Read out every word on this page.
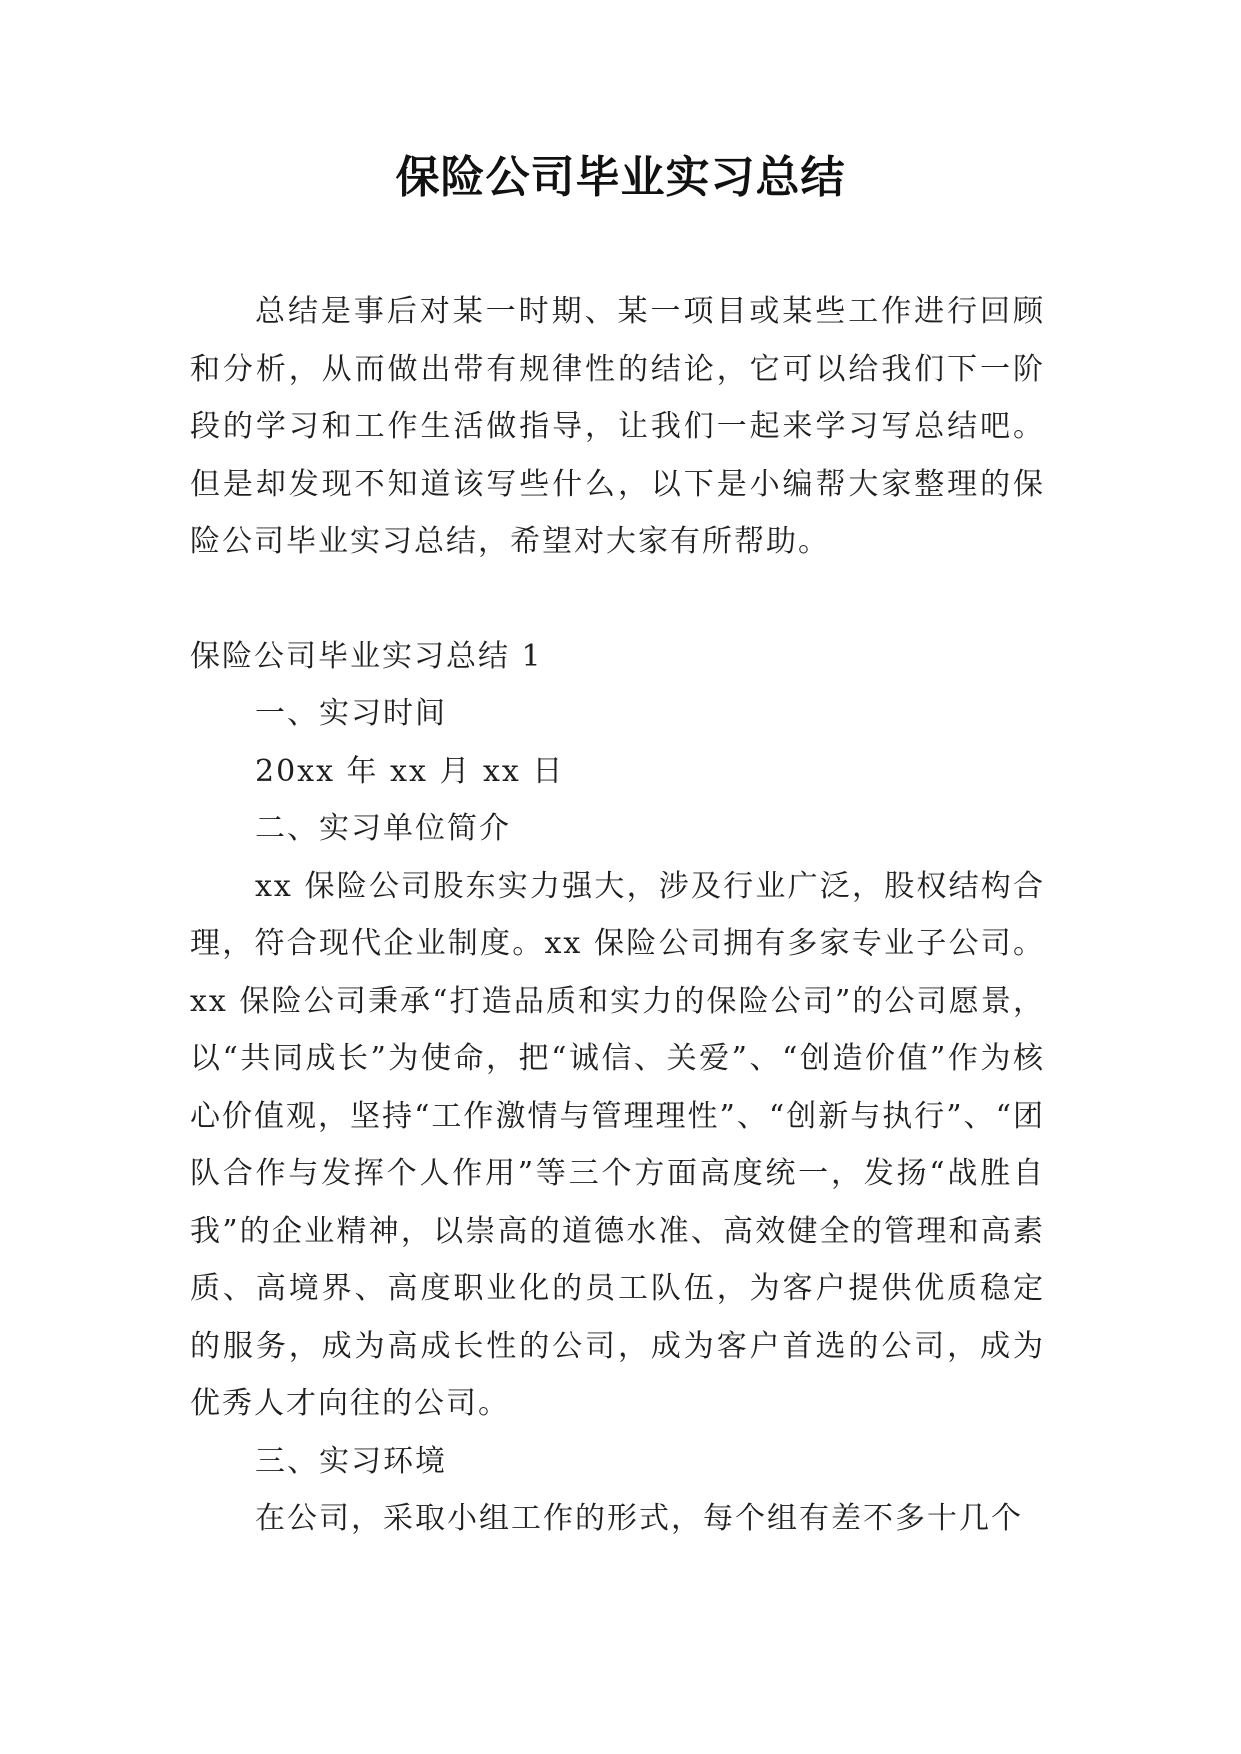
保险公司毕业实习总结

总结是事后对某一时期、某一项目或某些工作进行回顾和分析，从而做出带有规律性的结论，它可以给我们下一阶段的学习和工作生活做指导，让我们一起来学习写总结吧。但是却发现不知道该写些什么，以下是小编帮大家整理的保险公司毕业实习总结，希望对大家有所帮助。

保险公司毕业实习总结 1

一、实习时间

20xx 年 xx 月 xx 日

二、实习单位简介

xx 保险公司股东实力强大，涉及行业广泛，股权结构合理，符合现代企业制度。xx 保险公司拥有多家专业子公司。xx 保险公司秉承“打造品质和实力的保险公司”的公司愿景，以“共同成长”为使命，把“诚信、关爱”、“创造价值”作为核心价值观，坚持“工作激情与管理理性”、“创新与执行”、“团队合作与发挥个人作用”等三个方面高度统一，发扬“战胜自我”的企业精神，以崇高的道德水准、高效健全的管理和高素质、高境界、高度职业化的员工队伍，为客户提供优质稳定的服务，成为高成长性的公司，成为客户首选的公司，成为优秀人才向往的公司。

三、实习环境

在公司，采取小组工作的形式，每个组有差不多十几个
